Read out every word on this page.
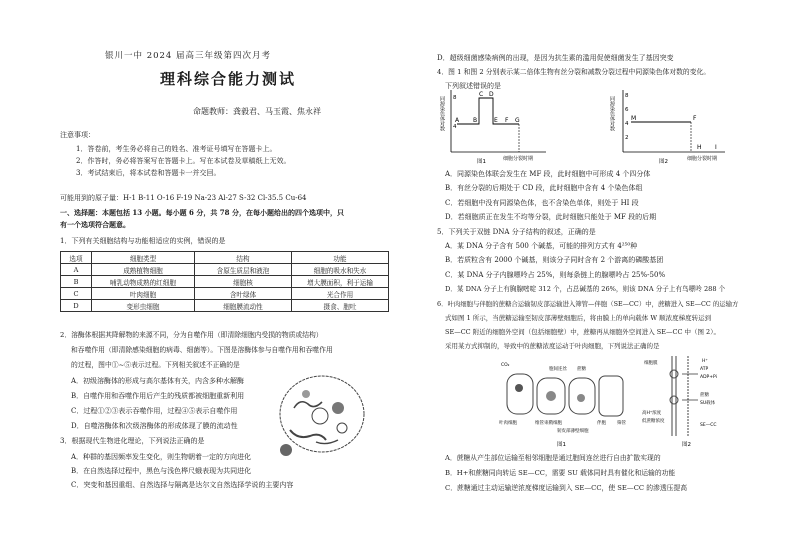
银川一中 2024 届高三年级第四次月考
理科综合能力测试
命题教师：龚毅君、马玉霞、焦永祥
注意事项：
1．答卷前，考生务必将自己的姓名、准考证号填写在答题卡上。
2．作答时，务必将答案写在答题卡上。写在本试卷及草稿纸上无效。
3．考试结束后，将本试卷和答题卡一并交回。
可能用到的原子量：H-1 B-11 O-16 F-19 Na-23 Al-27 S-32 Cl-35.5 Cu-64
一、选择题：本题包括 13 小题。每小题 6 分，共 78 分，在每小题给出的四个选项中，只
有一个选项符合题意。
1．下列有关细胞结构与功能相适应的实例，错误的是
选项	细胞类型	结构	功能
A	成熟植物细胞	含原生质层和液泡	细胞的吸水和失水
B	哺乳动物成熟的红细胞	细胞核	增大膜面积，利于运输
C	叶肉细胞	含叶绿体	光合作用
D	变形虫细胞	细胞膜流动性	摄食、胞吐
2．溶酶体根据其降解物的来源不同，分为自噬作用（即清除细胞内受损的物质或结构）
和吞噬作用（即清除感染细胞的病毒、细菌等）。下图是溶酶体参与自噬作用和吞噬作用
的过程，图中①~⑤表示过程。下列相关叙述不正确的是
A．初级溶酶体的形成与高尔基体有关，内含多种水解酶
B．自噬作用和吞噬作用后产生的残质都被细胞重新利用
C．过程①②③表示吞噬作用，过程④⑤表示自噬作用
D．自噬溶酶体和次级溶酶体的形成体现了膜的流动性
3．根据现代生物进化理论，下列说法正确的是
A．种群的基因频率发生变化，则生物朝着一定的方向进化
B．在自然选择过程中，黑色与浅色桦尺蛾表现为共同进化
C．突变和基因重组、自然选择与隔离是达尔文自然选择学说的主要内容
D．超级细菌感染病例的出现，是因为抗生素的滥用促使细菌发生了基因突变
4．图 1 和图 2 分别表示某二倍体生物有丝分裂和减数分裂过程中同源染色体对数的变化。
下列叙述错误的是
同源染色体对数 8
4
A B
C D
E F G
细胞分裂时期
图1
同源染色体对数 8
6
4
2
M	F
H I
细胞分裂时期
图2
A．同源染色体联会发生在 MF 段，此时细胞中可形成 4 个四分体
B．有丝分裂的后期处于 CD 段，此时细胞中含有 4 个染色体组
C．若细胞中没有同源染色体，也不含染色单体，则处于 HI 段
D．若细胞质正在发生不均等分裂，此时细胞只能处于 MF 段的后期
5．下列关于双链 DNA 分子结构的叙述，正确的是
A．某 DNA 分子含有 500 个碱基，可能的排列方式有 4²⁵⁰种
B．若质粒含有 2000 个碱基，则该分子同时含有 2 个游离的磷酸基团
C．某 DNA 分子内腺嘌呤占 25%，则每条链上的腺嘌呤占 25%-50%
D．某 DNA 分子上有胸腺嘧啶 312 个，占总碱基的 26%，则该 DNA 分子上有鸟嘌呤 288 个
6．叶肉细胞与伴胞的蔗糖合运输韧皮部运输进入筛管—伴胞（SE—CC）中，蔗糖进入 SE—CC 的运输方
式如图 1 所示，当蔗糖运输至韧皮部薄壁细胞后，将由膜上的单向载体 W 顺浓度梯度转运到
SE—CC 附近的细胞外空间（包括细胞壁）中，蔗糖再从细胞外空间进入 SE—CC 中（图 2）。
采用某方式抑制的，导致中的蔗糖浓度运动于叶肉细胞，下列说法正确的是
CO₂
叶肉细胞	维管束鞘细胞
韧皮部薄壁细胞
伴胞 筛管
胞间连丝 蔗糖
图1
H⁺
ATP
ADP+Pi
蔗糖
SU载体
SE—CC
细胞膜
高H⁺浓度
低蔗糖浓度
图2
A．蔗糖从产生部位运输至相邻细胞是通过胞间连丝进行自由扩散实现的
B．H+和蔗糖同向转运 SE—CC，需要 SU 载体同时具有催化和运输的功能
C．蔗糖通过主动运输逆浓度梯度运输到入 SE—CC，使 SE—CC 的渗透压提高
